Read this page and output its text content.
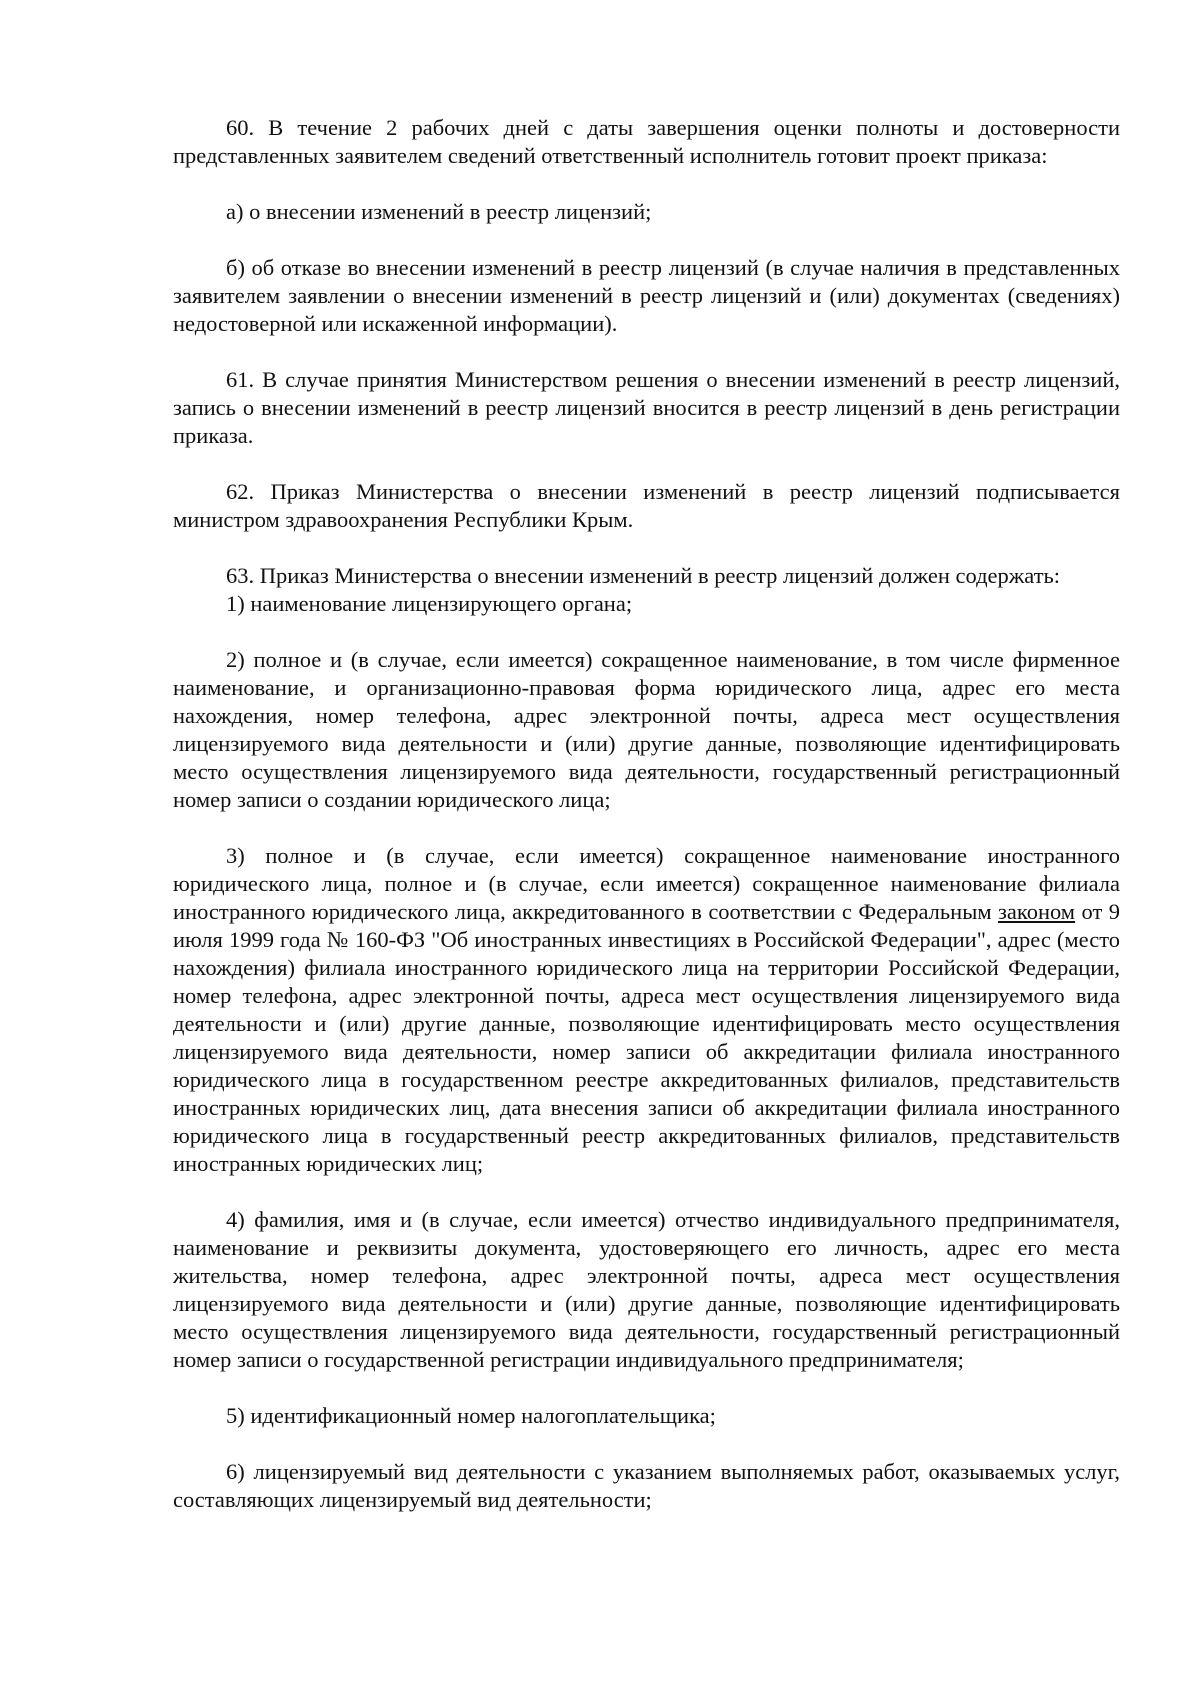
60. В течение 2 рабочих дней с даты завершения оценки полноты и достоверности представленных заявителем сведений ответственный исполнитель готовит проект приказа:

а) о внесении изменений в реестр лицензий;

б) об отказе во внесении изменений в реестр лицензий (в случае наличия в представленных заявителем заявлении о внесении изменений в реестр лицензий и (или) документах (сведениях) недостоверной или искаженной информации).

61. В случае принятия Министерством решения о внесении изменений в реестр лицензий, запись о внесении изменений в реестр лицензий вносится в реестр лицензий в день регистрации приказа.

62. Приказ Министерства о внесении изменений в реестр лицензий подписывается министром здравоохранения Республики Крым.

63. Приказ Министерства о внесении изменений в реестр лицензий должен содержать:

1) наименование лицензирующего органа;

2) полное и (в случае, если имеется) сокращенное наименование, в том числе фирменное наименование, и организационно-правовая форма юридического лица, адрес его места нахождения, номер телефона, адрес электронной почты, адреса мест осуществления лицензируемого вида деятельности и (или) другие данные, позволяющие идентифицировать место осуществления лицензируемого вида деятельности, государственный регистрационный номер записи о создании юридического лица;

3) полное и (в случае, если имеется) сокращенное наименование иностранного юридического лица, полное и (в случае, если имеется) сокращенное наименование филиала иностранного юридического лица, аккредитованного в соответствии с Федеральным законом от 9 июля 1999 года № 160-ФЗ "Об иностранных инвестициях в Российской Федерации", адрес (место нахождения) филиала иностранного юридического лица на территории Российской Федерации, номер телефона, адрес электронной почты, адреса мест осуществления лицензируемого вида деятельности и (или) другие данные, позволяющие идентифицировать место осуществления лицензируемого вида деятельности, номер записи об аккредитации филиала иностранного юридического лица в государственном реестре аккредитованных филиалов, представительств иностранных юридических лиц, дата внесения записи об аккредитации филиала иностранного юридического лица в государственный реестр аккредитованных филиалов, представительств иностранных юридических лиц;

4) фамилия, имя и (в случае, если имеется) отчество индивидуального предпринимателя, наименование и реквизиты документа, удостоверяющего его личность, адрес его места жительства, номер телефона, адрес электронной почты, адреса мест осуществления лицензируемого вида деятельности и (или) другие данные, позволяющие идентифицировать место осуществления лицензируемого вида деятельности, государственный регистрационный номер записи о государственной регистрации индивидуального предпринимателя;

5) идентификационный номер налогоплательщика;

6) лицензируемый вид деятельности с указанием выполняемых работ, оказываемых услуг, составляющих лицензируемый вид деятельности;
